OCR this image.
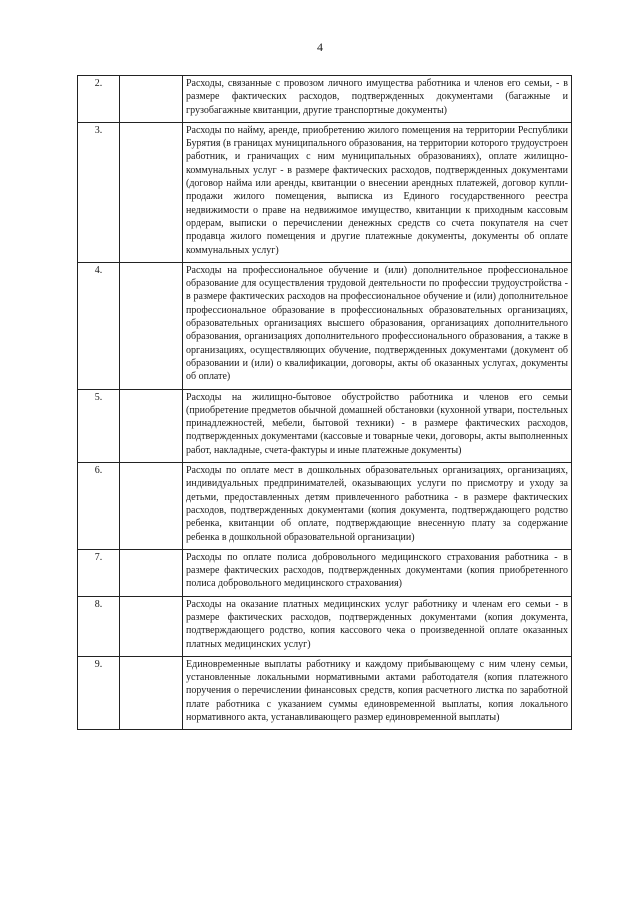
4
2.		Расходы, связанные с провозом личного имущества работника и членов его семьи, - в размере фактических расходов, подтвержденных документами (багажные и грузобагажные квитанции, другие транспортные документы)
3.		Расходы по найму, аренде, приобретению жилого помещения на территории Республики Бурятия (в границах муниципального образования, на территории которого трудоустроен работник, и граничащих с ним муниципальных образованиях), оплате жилищно-коммунальных услуг - в размере фактических расходов, подтвержденных документами (договор найма или аренды, квитанции о внесении арендных платежей, договор купли-продажи жилого помещения, выписка из Единого государственного реестра недвижимости о праве на недвижимое имущество, квитанции к приходным кассовым ордерам, выписки о перечислении денежных средств со счета покупателя на счет продавца жилого помещения и другие платежные документы, документы об оплате коммунальных услуг)
4.		Расходы на профессиональное обучение и (или) дополнительное профессиональное образование для осуществления трудовой деятельности по профессии трудоустройства - в размере фактических расходов на профессиональное обучение и (или) дополнительное профессиональное образование в профессиональных образовательных организациях, образовательных организациях высшего образования, организациях дополнительного образования, организациях дополнительного профессионального образования, а также в организациях, осуществляющих обучение, подтвержденных документами (документ об образовании и (или) о квалификации, договоры, акты об оказанных услугах, документы об оплате)
5.		Расходы на жилищно-бытовое обустройство работника и членов его семьи (приобретение предметов обычной домашней обстановки (кухонной утвари, постельных принадлежностей, мебели, бытовой техники) - в размере фактических расходов, подтвержденных документами (кассовые и товарные чеки, договоры, акты выполненных работ, накладные, счета-фактуры и иные платежные документы)
6.		Расходы по оплате мест в дошкольных образовательных организациях, организациях, индивидуальных предпринимателей, оказывающих услуги по присмотру и уходу за детьми, предоставленных детям привлеченного работника - в размере фактических расходов, подтвержденных документами (копия документа, подтверждающего родство ребенка, квитанции об оплате, подтверждающие внесенную плату за содержание ребенка в дошкольной образовательной организации)
7.		Расходы по оплате полиса добровольного медицинского страхования работника - в размере фактических расходов, подтвержденных документами (копия приобретенного полиса добровольного медицинского страхования)
8.		Расходы на оказание платных медицинских услуг работнику и членам его семьи - в размере фактических расходов, подтвержденных документами (копия документа, подтверждающего родство, копия кассового чека о произведенной оплате оказанных платных медицинских услуг)
9.		Единовременные выплаты работнику и каждому прибывающему с ним члену семьи, установленные локальными нормативными актами работодателя (копия платежного поручения о перечислении финансовых средств, копия расчетного листка по заработной плате работника с указанием суммы единовременной выплаты, копия локального нормативного акта, устанавливающего размер единовременной выплаты)
